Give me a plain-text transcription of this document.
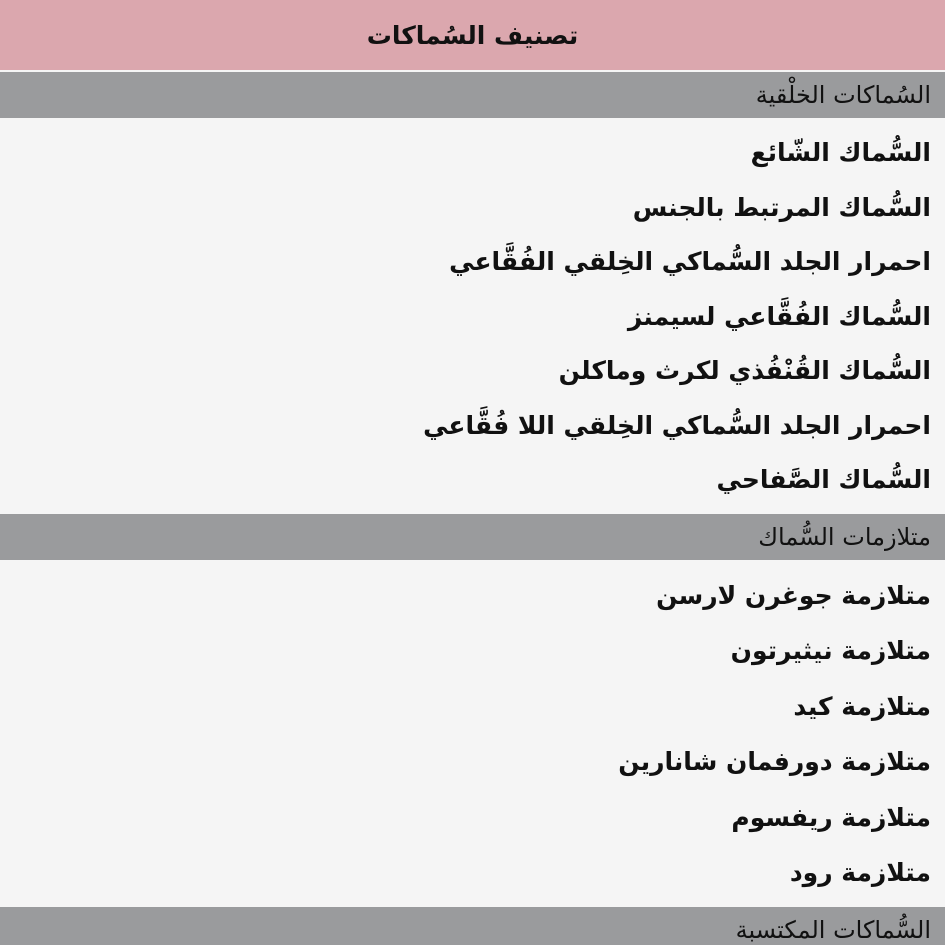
تصنيف السُماكات
السُماكات الخلْقية
السُّماك الشّائع
السُّماك المرتبط بالجنس
احمرار الجلد السُّماكي الخِلقي الفُقَّاعي
السُّماك الفُقَّاعي لسيمنز
السُّماك القُنْفُذي لكرث وماكلن
احمرار الجلد السُّماكي الخِلقي اللا فُقَّاعي
السُّماك الصَّفاحي
متلازمات السُّماك
متلازمة جوغرن لارسن
متلازمة نيثيرتون
متلازمة كيد
متلازمة دورفمان شانارين
متلازمة ريفسوم
متلازمة رود
السُّماكات المكتسبة
